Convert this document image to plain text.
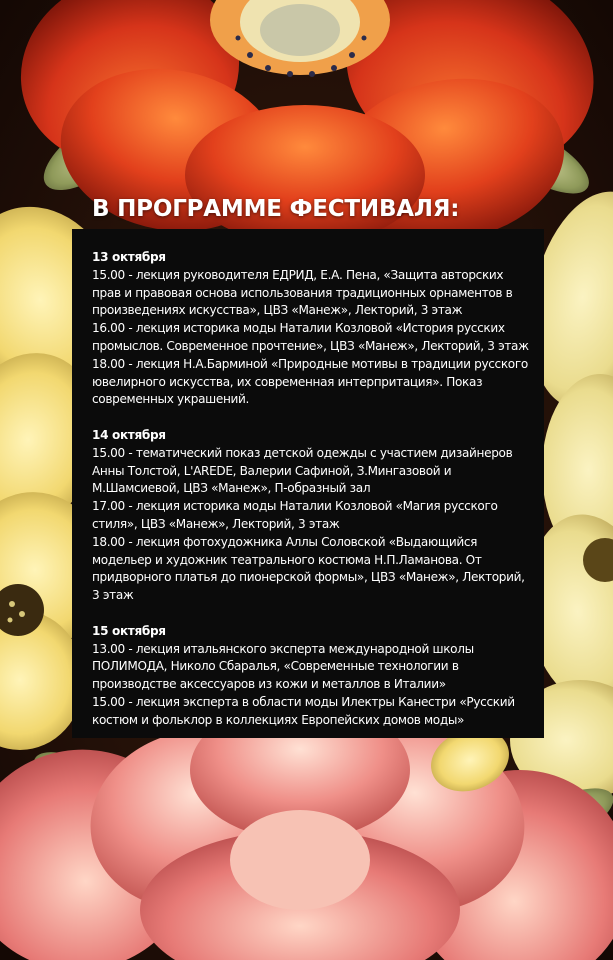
В ПРОГРАММЕ ФЕСТИВАЛЯ:
13 октября
15.00 - лекция руководителя ЕДРИД, Е.А. Пена, «Защита авторских прав и правовая основа использования традиционных орнаментов в произведениях искусства», ЦВЗ «Манеж», Лекторий, 3 этаж
16.00 - лекция историка моды Наталии Козловой «История русских промыслов. Современное прочтение», ЦВЗ «Манеж», Лекторий, 3 этаж
18.00 - лекция Н.А.Барминой «Природные мотивы в традиции русского ювелирного искусства, их современная интерпритация». Показ современных украшений.
14 октября
15.00 - тематический показ детской одежды с участием дизайнеров Анны Толстой, L'AREDE, Валерии Сафиной, З.Мингазовой и М.Шамсиевой, ЦВЗ «Манеж», П-образный зал
17.00 - лекция историка моды Наталии Козловой «Магия русского стиля», ЦВЗ «Манеж», Лекторий, 3 этаж
18.00 - лекция фотохудожника Аллы Соловской «Выдающийся модельер и художник театрального костюма Н.П.Ламанова. От придворного платья до пионерской формы», ЦВЗ «Манеж», Лекторий, 3 этаж
15 октября
13.00 - лекция итальянского эксперта международной школы ПОЛИМОДА, Николо Сбаралья, «Современные технологии в производстве аксессуаров из кожи и металлов в Италии»
15.00 - лекция эксперта в области моды Илектры Канестри «Русский костюм и фольклор в коллекциях Европейских домов моды»
